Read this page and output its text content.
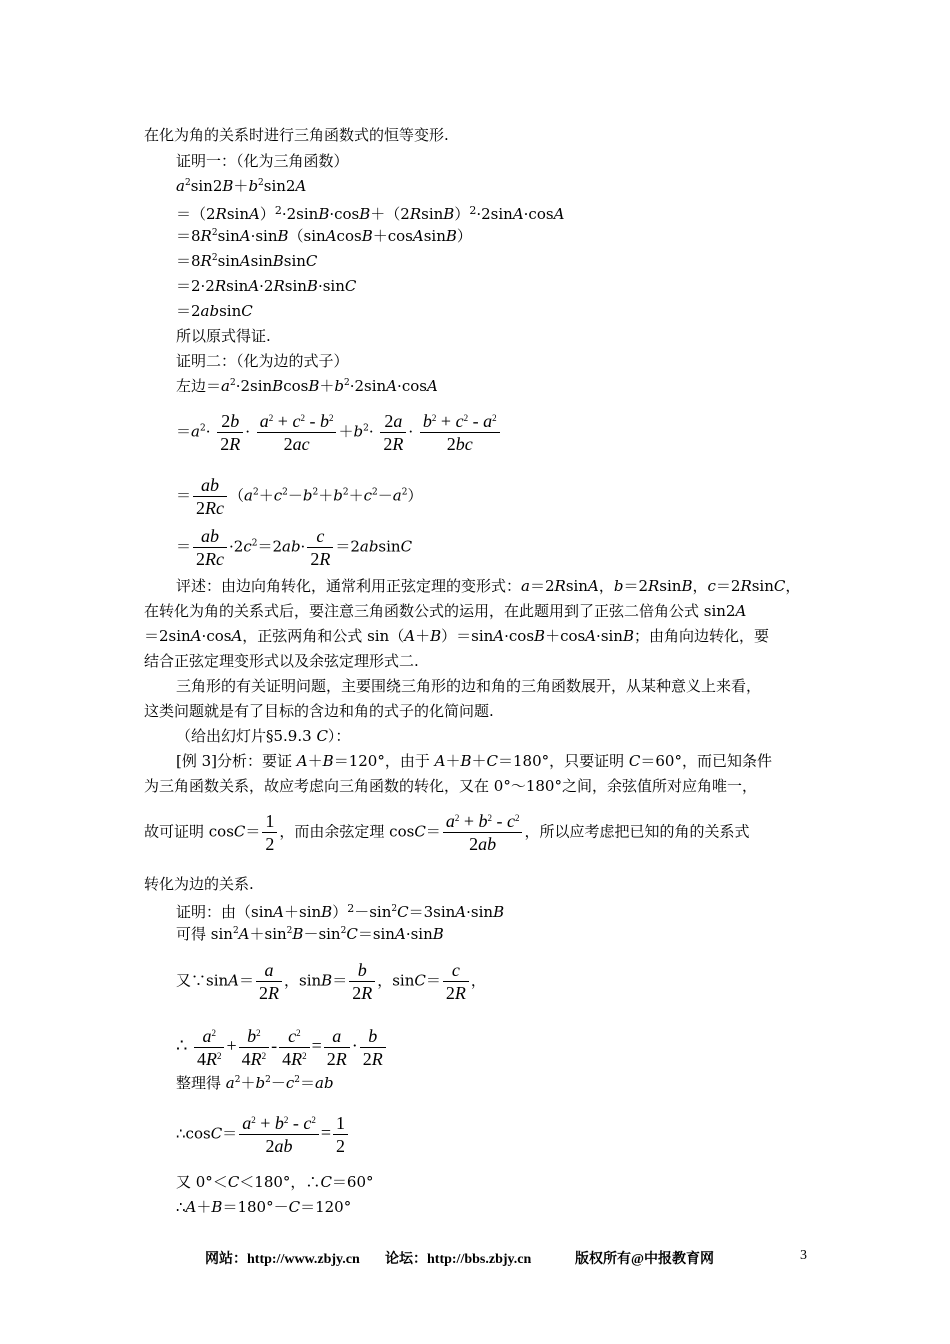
在化为角的关系时进行三角函数式的恒等变形.
证明一：（化为三角函数）
$a^2\sin 2B+b^2\sin 2A$
$=(2RsinA)^2\cdot 2\sin B\cdot\cos B+(2RsinB)^2\cdot 2\sin A\cdot\cos A$
$=8R^2\sin A\cdot\sin B(sinAcosB+cosAsinB)$
$=8R^2sinAsinBsinC$
＝2·2RsinA·2RsinB·sinC
＝2absinC
所以原式得证.
证明二：（化为边的式子）
左边$=a^2\cdot 2sinBcosB+b^2\cdot 2\sin A\cdot\cos A$
$=a^2\cdot \frac{2b}{2R} \cdot \frac{a^2 + c^2 - b^2}{2ac} +b^2\cdot \frac{2a}{2R} \cdot \frac{b^2 + c^2 - a^2}{2bc}$
＝ $\frac{ab}{2Rc} (a^2+c^2-b^2+b^2+c^2-a^2)$
＝ $\frac{ab}{2Rc} \cdot 2c^2=2ab\cdot \frac{c}{2R} =2absinC$
评述：由边向角转化，通常利用正弦定理的变形式：a＝2RsinA，b＝2RsinB，c＝2RsinC，
在转化为角的关系式后，要注意三角函数公式的运用，在此题用到了正弦二倍角公式 sin2A
＝2sinA·cosA，正弦两角和公式 sin（A＋B）＝sinA·cosB＋cosA·sinB；由角向边转化，要
结合正弦定理变形式以及余弦定理形式二.
三角形的有关证明问题，主要围绕三角形的边和角的三角函数展开，从某种意义上来看，
这类问题就是有了目标的含边和角的式子的化简问题.
（给出幻灯片§5.9.3 C）：
[例 3]分析：要证 A＋B＝120°，由于 A＋B＋C＝180°，只要证明 C＝60°，而已知条件
为三角函数关系，故应考虑向三角函数的转化，又在 0°～180°之间，余弦值所对应角唯一，
故可证明 $\cos C= \frac{1}{2}$ ，而由余弦定理 $\cos C= \frac{a^2 + b^2 - c^2}{2ab}$ ，所以应考虑把已知的角的关系式
转化为边的关系.
证明：由$(\sin A+\sin B)^2-\sin^2C=3\sin A\cdot\sin B$
可得 $\sin^2A+\sin^2B-\sin^2C=\sin A\cdot\sin B$
又∵sinA＝ $\frac{a}{2R}$ ，$\sin B= \frac{b}{2R}$ ，$\sin C= \frac{c}{2R}$ ，
∴ $\frac{a^2}{4R^2} + \frac{b^2}{4R^2} - \frac{c^2}{4R^2} = \frac{a}{2R} \cdot \frac{b}{2R}$
整理得 $a^2+b^2-c^2=ab$
∴cosC＝ $\frac{a^2 + b^2 - c^2}{2ab} = \frac{1}{2}$
又 0°＜C＜180°，∴C＝60°
∴A＋B＝180°－C＝120°
网站：http://www.zbjy.cn 论坛：http://bbs.zbjy.cn	版权所有@中报教育网	3
